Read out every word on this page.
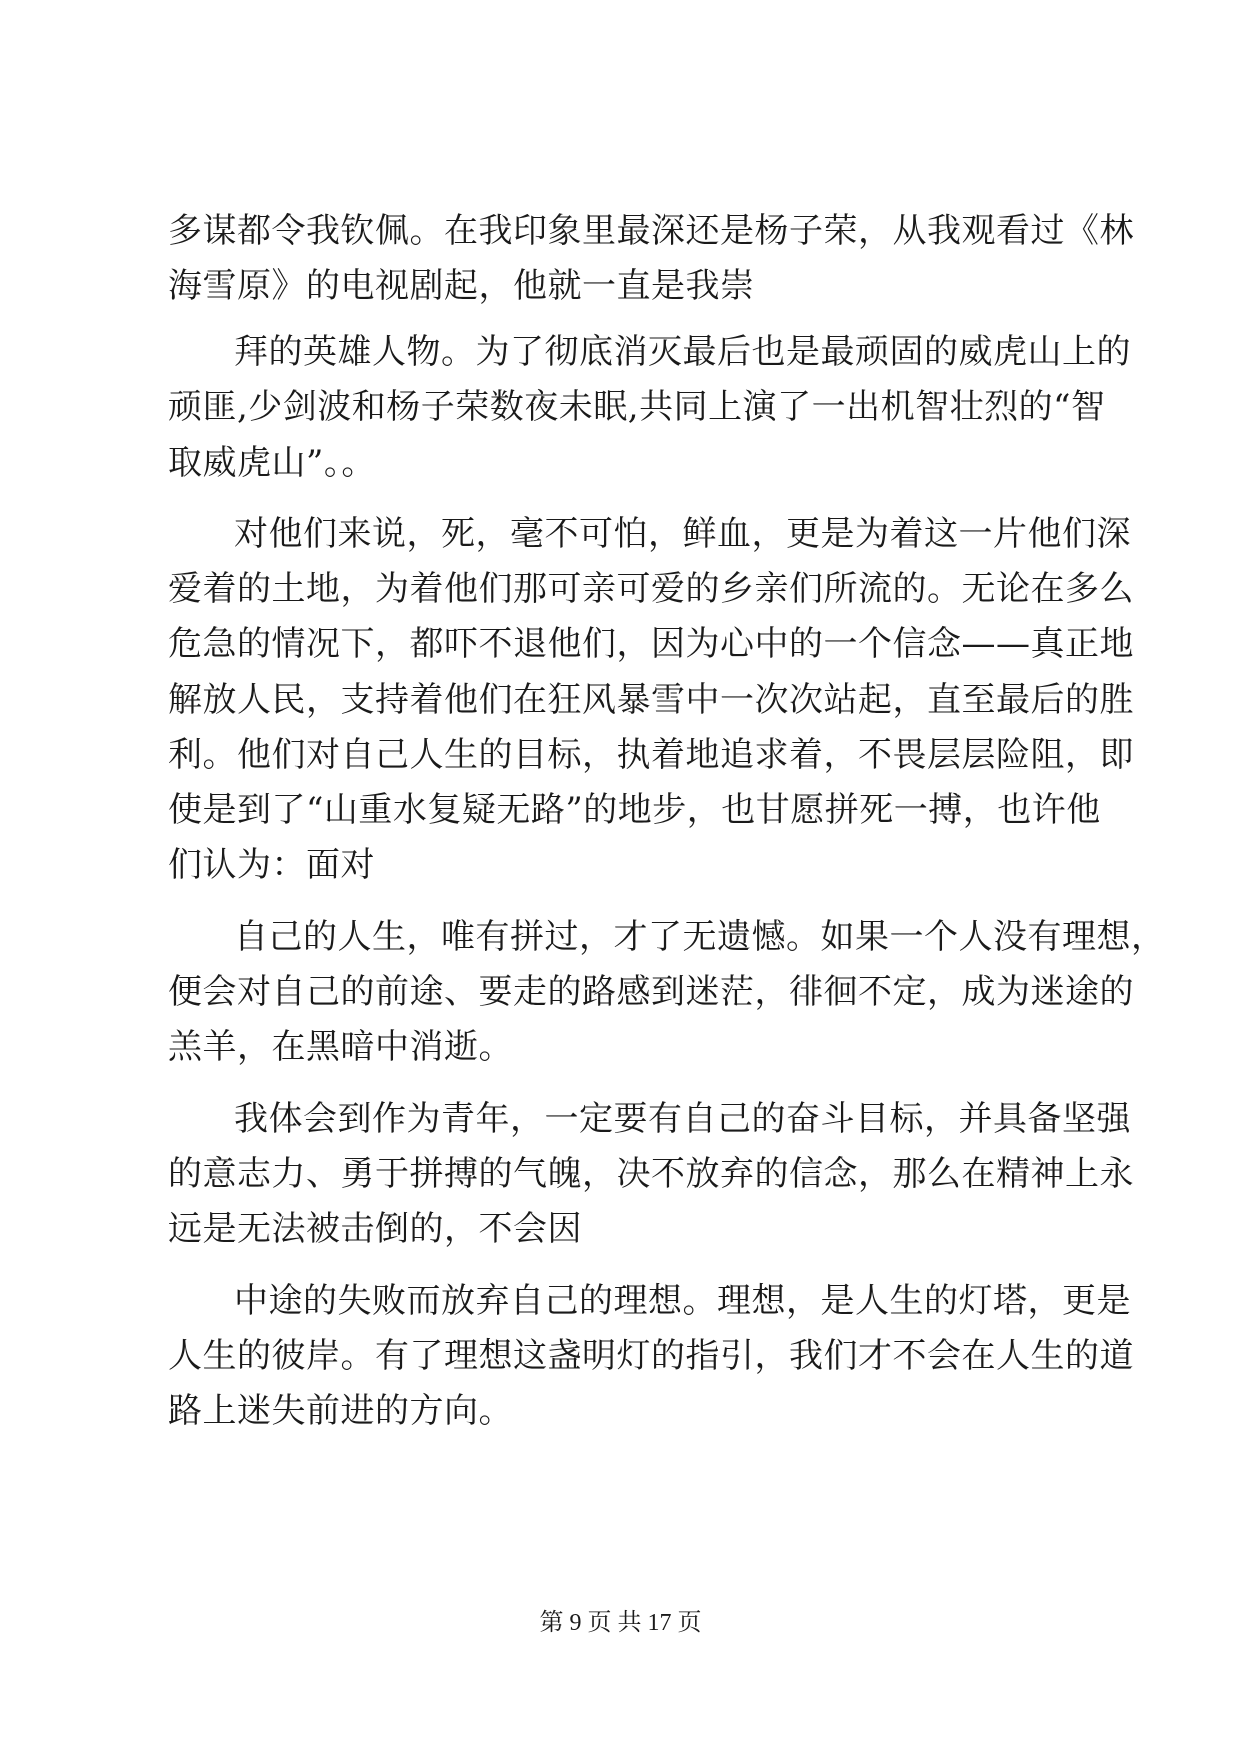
多谋都令我钦佩。在我印象里最深还是杨子荣，从我观看过《林
海雪原》的电视剧起，他就一直是我崇
拜的英雄人物。为了彻底消灭最后也是最顽固的威虎山上的
顽匪,少剑波和杨子荣数夜未眠,共同上演了一出机智壮烈的“智
取威虎山”。。
对他们来说，死，毫不可怕，鲜血，更是为着这一片他们深
爱着的土地，为着他们那可亲可爱的乡亲们所流的。无论在多么
危急的情况下，都吓不退他们，因为心中的一个信念——真正地
解放人民，支持着他们在狂风暴雪中一次次站起，直至最后的胜
利。他们对自己人生的目标，执着地追求着，不畏层层险阻，即
使是到了“山重水复疑无路”的地步，也甘愿拼死一搏，也许他
们认为：面对
自己的人生，唯有拼过，才了无遗憾。如果一个人没有理想，
便会对自己的前途、要走的路感到迷茫，徘徊不定，成为迷途的
羔羊，在黑暗中消逝。
我体会到作为青年，一定要有自己的奋斗目标，并具备坚强
的意志力、勇于拼搏的气魄，决不放弃的信念，那么在精神上永
远是无法被击倒的，不会因
中途的失败而放弃自己的理想。理想，是人生的灯塔，更是
人生的彼岸。有了理想这盏明灯的指引，我们才不会在人生的道
路上迷失前进的方向。
第 9 页 共 17 页
